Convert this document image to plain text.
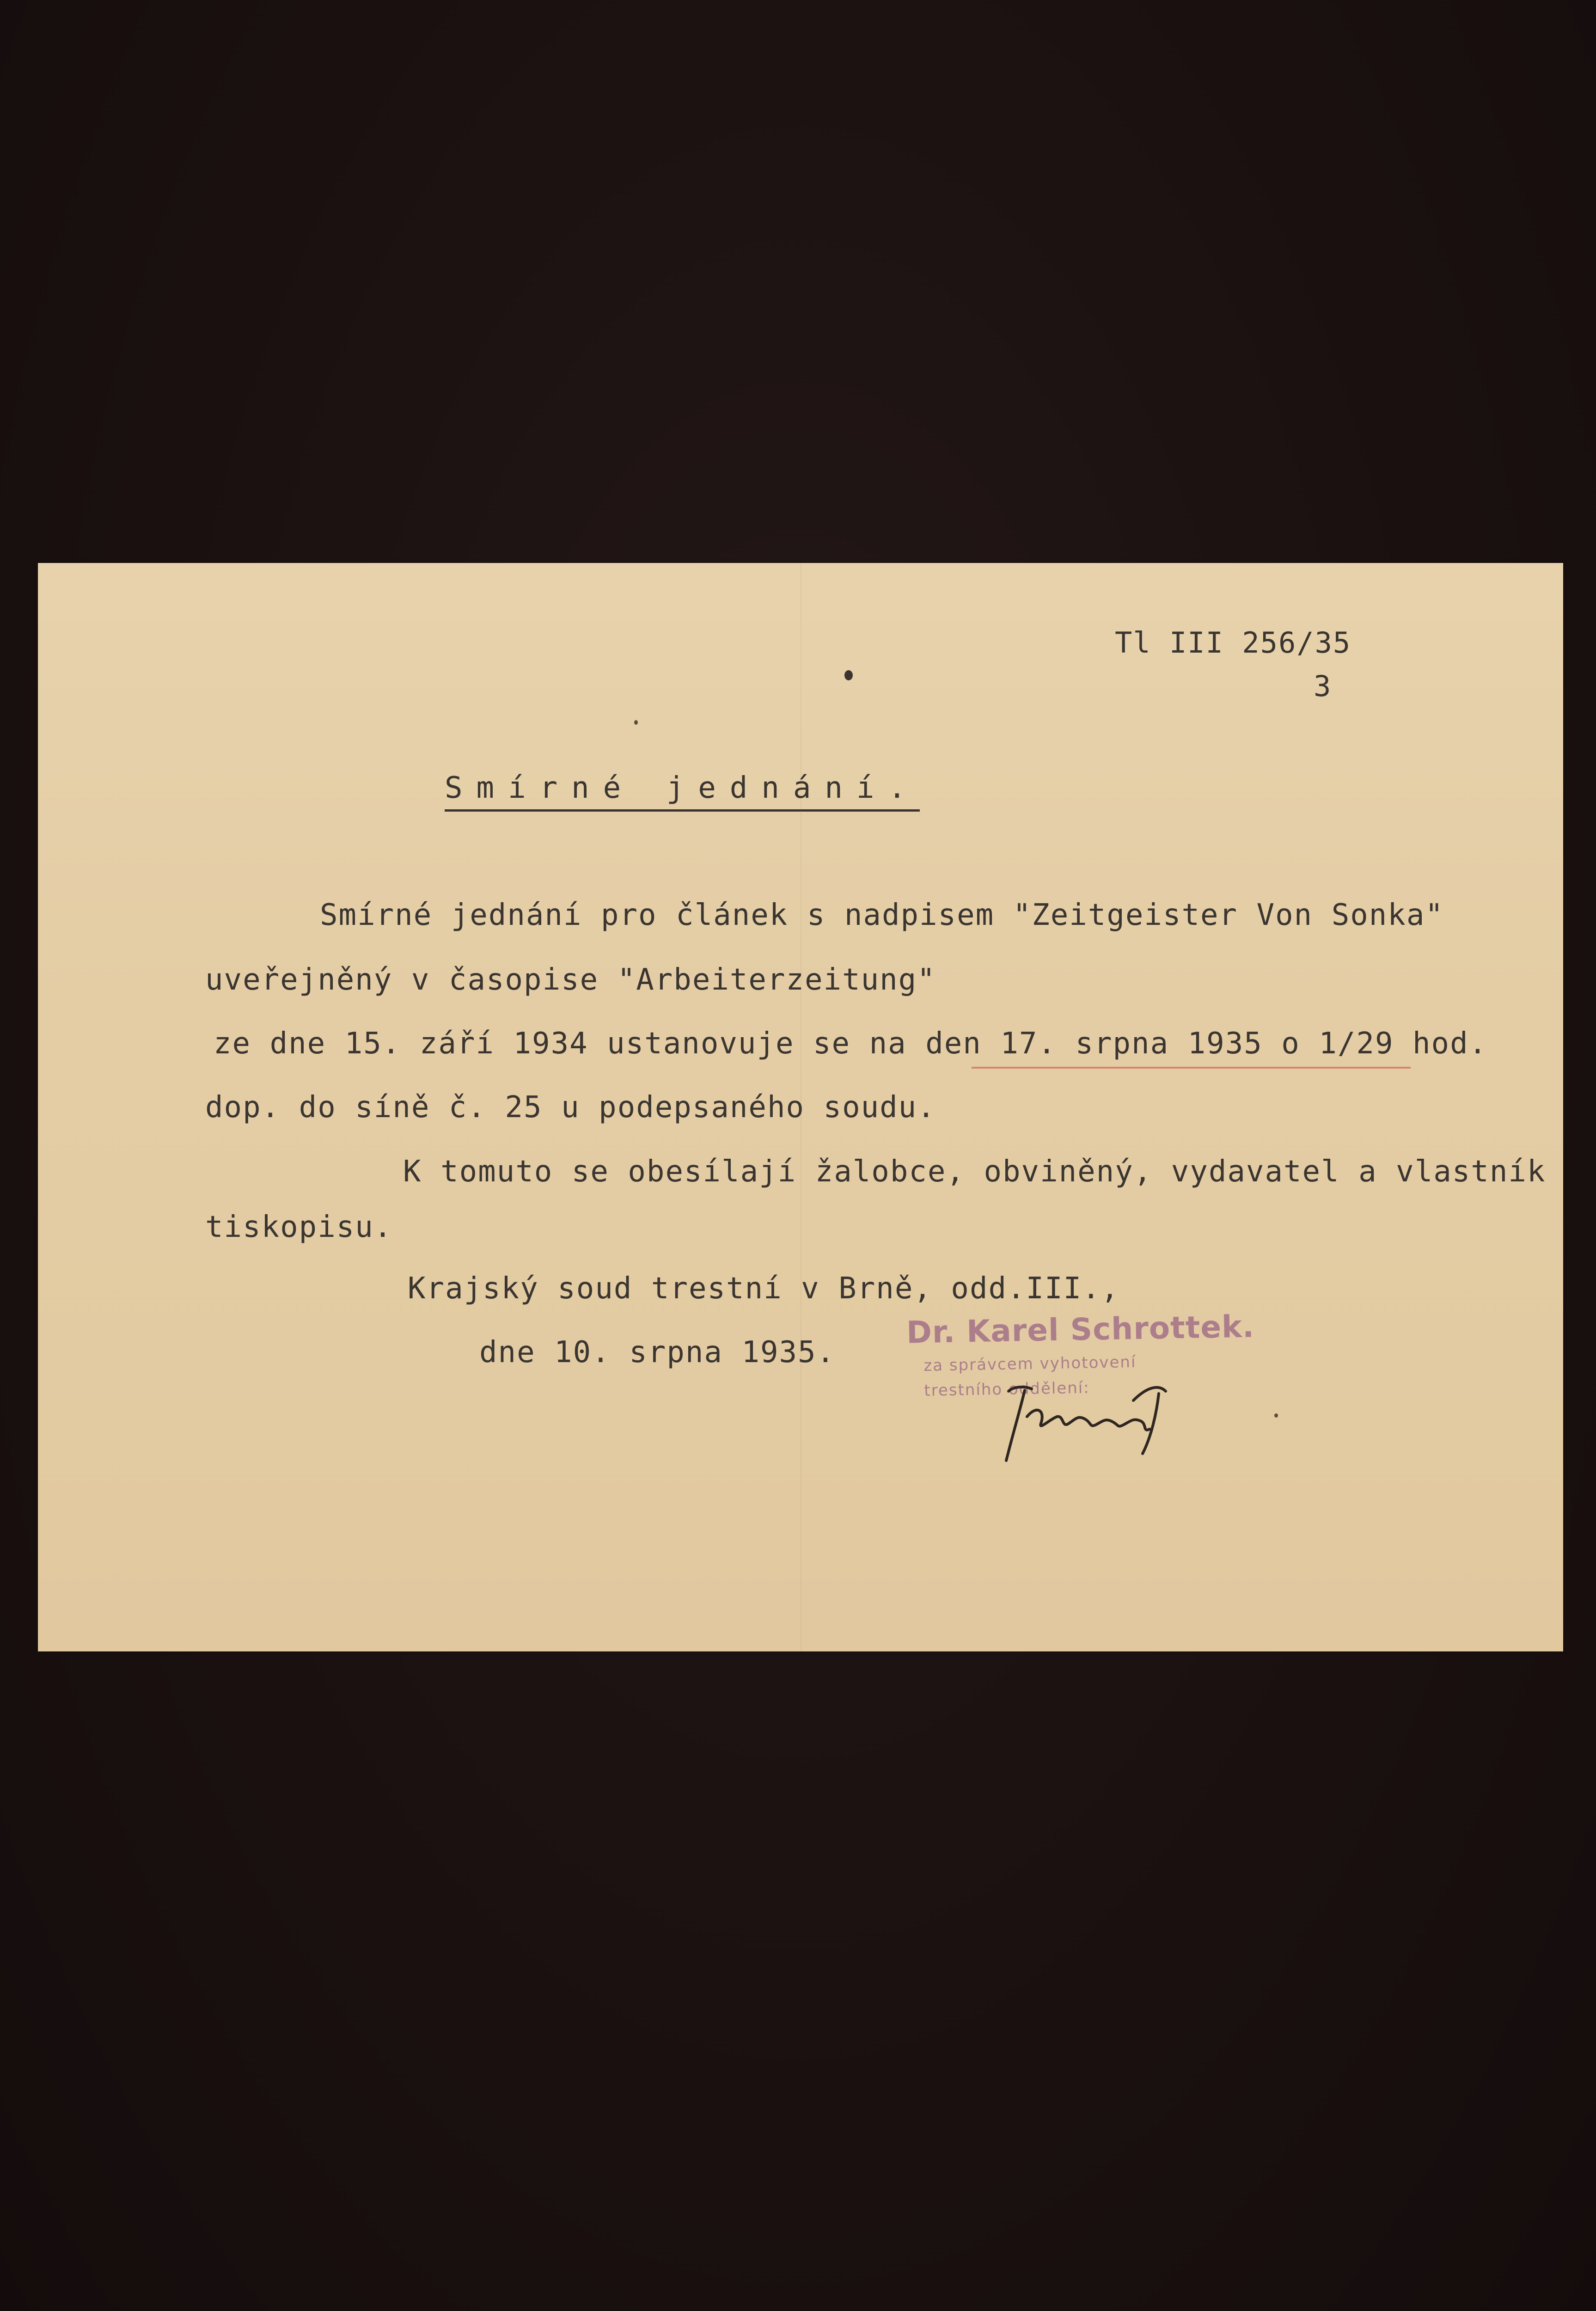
Tl III 256/35
3
Smírné jednání.
Smírné jednání pro článek s nadpisem "Zeitgeister Von Sonka"
uveřejněný v časopise "Arbeiterzeitung"
ze dne 15. září 1934 ustanovuje se na den 17. srpna 1935 o 1/29 hod.
dop. do síně č. 25 u podepsaného soudu.
K tomuto se obesílají žalobce, obviněný, vydavatel a vlastník
tiskopisu.
Krajský soud trestní v Brně, odd.III.,
dne 10. srpna 1935.
Dr. Karel Schrottek.
za správcem vyhotovení
trestního oddělení:
